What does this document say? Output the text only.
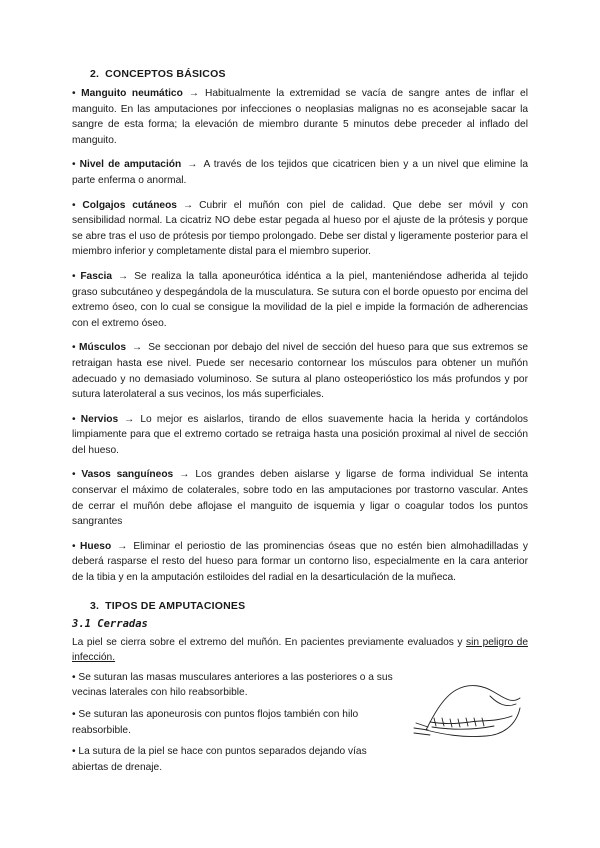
2. CONCEPTOS BÁSICOS

• Manguito neumático → Habitualmente la extremidad se vacía de sangre antes de inflar el manguito. En las amputaciones por infecciones o neoplasias malignas no es aconsejable sacar la sangre de esta forma; la elevación de miembro durante 5 minutos debe preceder al inflado del manguito.

• Nivel de amputación → A través de los tejidos que cicatricen bien y a un nivel que elimine la parte enferma o anormal.

• Colgajos cutáneos → Cubrir el muñón con piel de calidad. Que debe ser móvil y con sensibilidad normal. La cicatriz NO debe estar pegada al hueso por el ajuste de la prótesis y porque se abre tras el uso de prótesis por tiempo prolongado. Debe ser distal y ligeramente posterior para el miembro inferior y completamente distal para el miembro superior.

• Fascia → Se realiza la talla aponeurótica idéntica a la piel, manteniéndose adherida al tejido graso subcutáneo y despegándola de la musculatura. Se sutura con el borde opuesto por encima del extremo óseo, con lo cual se consigue la movilidad de la piel e impide la formación de adherencias con el extremo óseo.

• Músculos → Se seccionan por debajo del nivel de sección del hueso para que sus extremos se retraigan hasta ese nivel. Puede ser necesario contornear los músculos para obtener un muñón adecuado y no demasiado voluminoso. Se sutura al plano osteoperióstico los más profundos y por sutura laterolateral a sus vecinos, los más superficiales.

• Nervios → Lo mejor es aislarlos, tirando de ellos suavemente hacia la herida y cortándolos limpiamente para que el extremo cortado se retraiga hasta una posición proximal al nivel de sección del hueso.

• Vasos sanguíneos → Los grandes deben aislarse y ligarse de forma individual Se intenta conservar el máximo de colaterales, sobre todo en las amputaciones por trastorno vascular. Antes de cerrar el muñón debe aflojase el manguito de isquemia y ligar o coagular todos los puntos sangrantes

• Hueso → Eliminar el periostio de las prominencias óseas que no estén bien almohadilladas y deberá rasparse el resto del hueso para formar un contorno liso, especialmente en la cara anterior de la tibia y en la amputación estiloides del radial en la desarticulación de la muñeca.

3. TIPOS DE AMPUTACIONES
3.1 Cerradas

La piel se cierra sobre el extremo del muñón. En pacientes previamente evaluados y sin peligro de infección.

• Se suturan las masas musculares anteriores a las posteriores o a sus vecinas laterales con hilo reabsorbible.

• Se suturan las aponeurosis con puntos flojos también con hilo reabsorbible.

• La sutura de la piel se hace con puntos separados dejando vías abiertas de drenaje.
